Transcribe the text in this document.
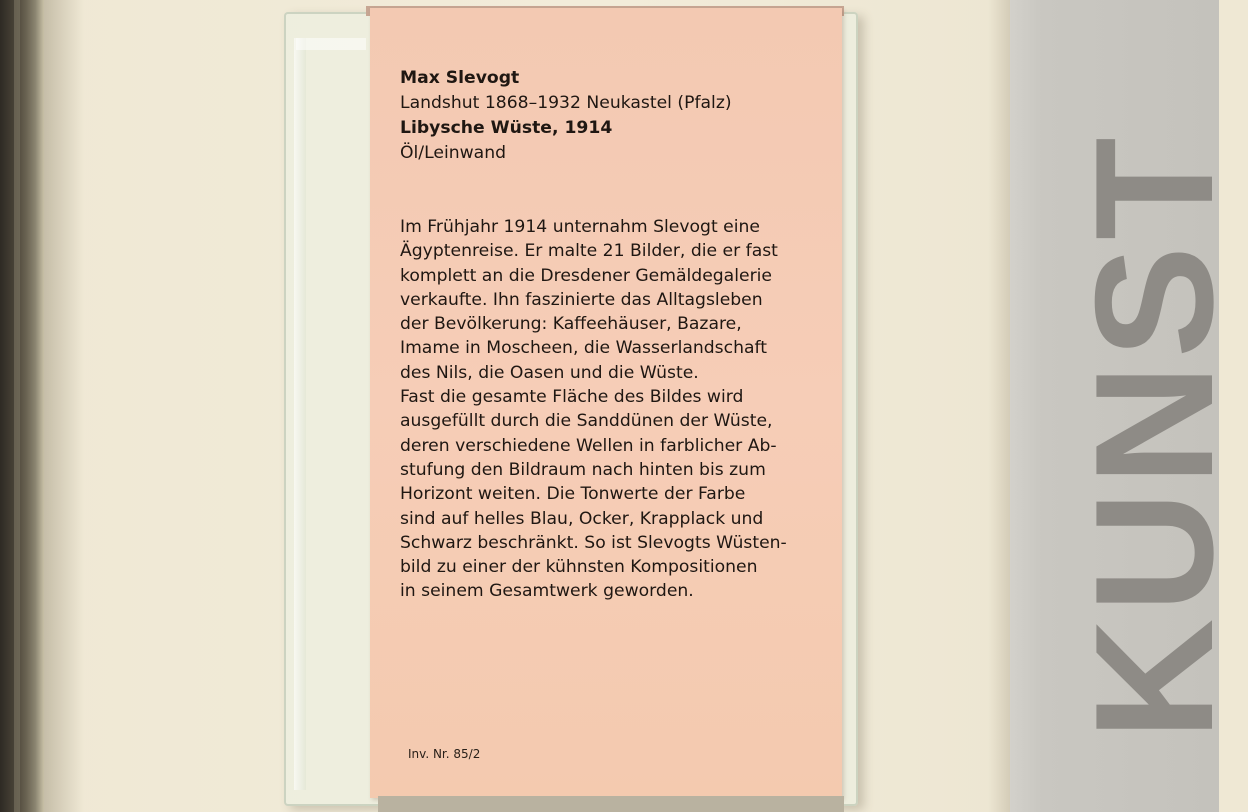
KUNST
Max Slevogt
Landshut 1868–1932 Neukastel (Pfalz)
Libysche Wüste, 1914
Öl/Leinwand
Im Frühjahr 1914 unternahm Slevogt eine
Ägyptenreise. Er malte 21 Bilder, die er fast
komplett an die Dresdener Gemäldegalerie
verkaufte. Ihn faszinierte das Alltagsleben
der Bevölkerung: Kaffeehäuser, Bazare,
Imame in Moscheen, die Wasserlandschaft
des Nils, die Oasen und die Wüste.
Fast die gesamte Fläche des Bildes wird
ausgefüllt durch die Sanddünen der Wüste,
deren verschiedene Wellen in farblicher Ab-
stufung den Bildraum nach hinten bis zum
Horizont weiten. Die Tonwerte der Farbe
sind auf helles Blau, Ocker, Krapplack und
Schwarz beschränkt. So ist Slevogts Wüsten-
bild zu einer der kühnsten Kompositionen
in seinem Gesamtwerk geworden.
Inv. Nr. 85/2
